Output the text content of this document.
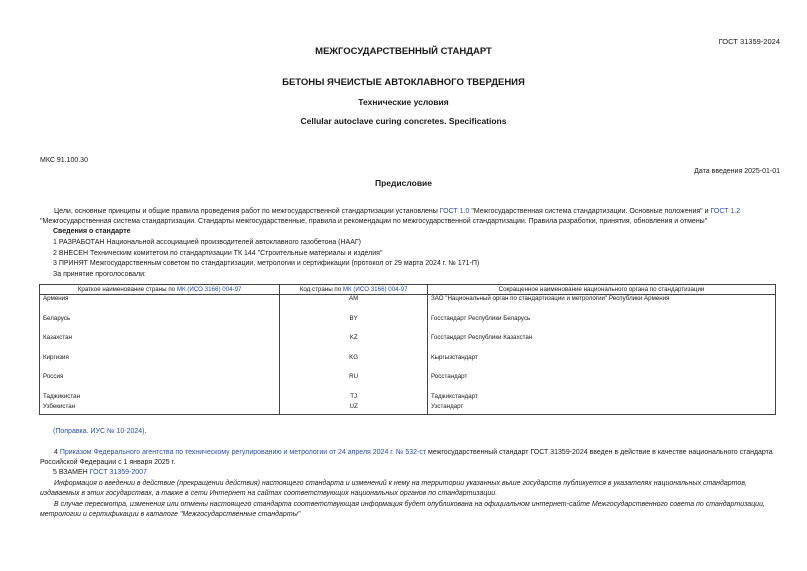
ГОСТ 31359-2024
МЕЖГОСУДАРСТВЕННЫЙ СТАНДАРТ
БЕТОНЫ ЯЧЕИСТЫЕ АВТОКЛАВНОГО ТВЕРДЕНИЯ
Технические условия
Cellular autoclave curing concretes. Specifications
МКС 91.100.30
Дата введения 2025-01-01
Предисловие
Цели, основные принципы и общие правила проведения работ по межгосударственной стандартизации установлены ГОСТ 1.0 "Межгосударственная система стандартизации. Основные положения" и ГОСТ 1.2 "Межгосударственная система стандартизации. Стандарты межгосударственные, правила и рекомендации по межгосударственной стандартизации. Правила разработки, принятия, обновления и отмены"
Сведения о стандарте
1 РАЗРАБОТАН Национальной ассоциацией производителей автоклавного газобетона (НААГ)
2 ВНЕСЕН Техническим комитетом по стандартизации ТК 144 "Строительные материалы и изделия"
3 ПРИНЯТ Межгосударственным советом по стандартизации, метрологии и сертификации (протокол от 29 марта 2024 г. № 171-П)
За принятие проголосовали:
Краткое наименование страны по МК (ИСО 3166) 004-97	Код страны по МК (ИСО 3166) 004-97	Сокращенное наименование национального органа по стандартизации
Армения	AM	ЗАО "Национальный орган по стандартизации и метрологии" Республики Армения
Беларусь	BY	Госстандарт Республики Беларусь
Казахстан	KZ	Госстандарт Республики Казахстан
Киргизия	KG	Кыргызстандарт
Россия	RU	Росстандарт
Таджикистан	TJ	Таджикстандарт
Узбекистан	UZ	Узстандарт
(Поправка. ИУС № 10-2024).
4 Приказом Федерального агентства по техническому регулированию и метрологии от 24 апреля 2024 г. № 532-ст межгосударственный стандарт ГОСТ 31359-2024 введен в действие в качестве национального стандарта Российской Федерации с 1 января 2025 г.
5 ВЗАМЕН ГОСТ 31359-2007
Информация о введении в действие (прекращении действия) настоящего стандарта и изменений к нему на территории указанных выше государств публикуется в указателях национальных стандартов, издаваемых в этих государствах, а также в сети Интернет на сайтах соответствующих национальных органов по стандартизации.
В случае пересмотра, изменения или отмены настоящего стандарта соответствующая информация будет опубликована на официальном интернет-сайте Межгосударственного совета по стандартизации, метрологии и сертификации в каталоге "Межгосударственные стандарты"
